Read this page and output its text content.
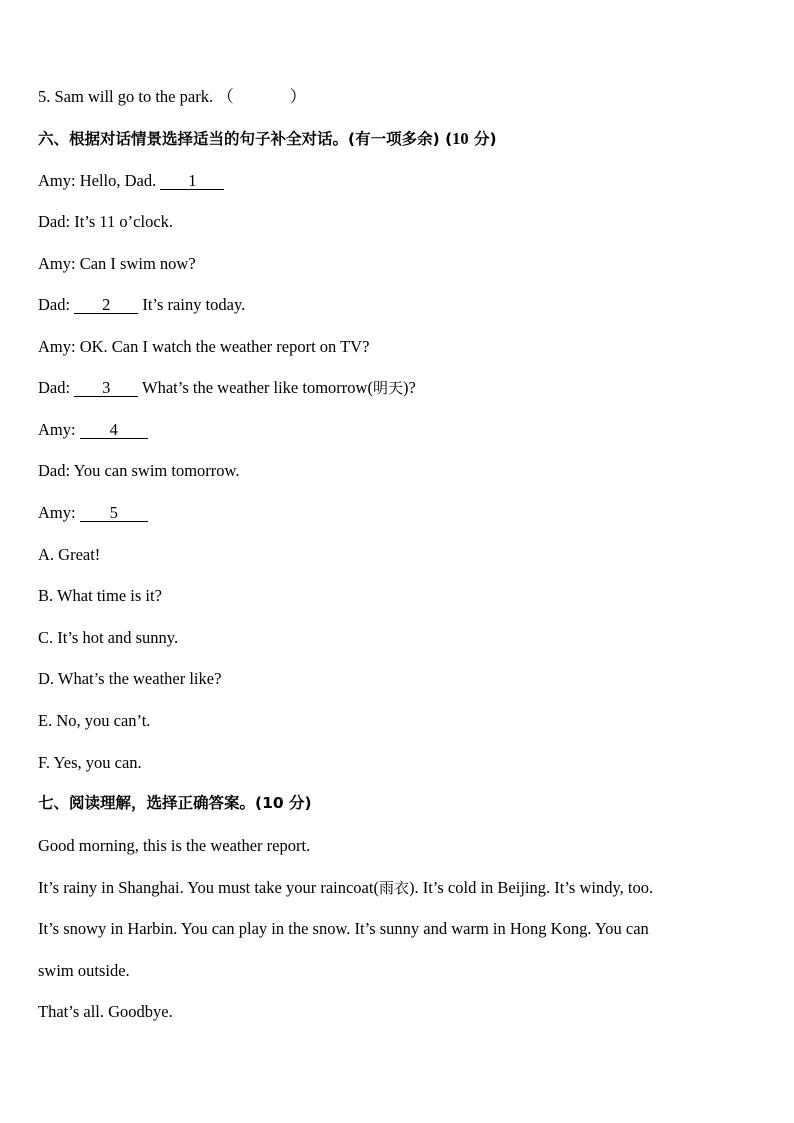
5. Sam will go to the park. （	）
六、根据对话情景选择适当的句子补全对话。(有一项多余) (10 分)
Amy: Hello, Dad. 1
Dad: It’s 11 o’clock.
Amy: Can I swim now?
Dad: 2 It’s rainy today.
Amy: OK. Can I watch the weather report on TV?
Dad: 3 What’s the weather like tomorrow(明天)?
Amy: 4
Dad: You can swim tomorrow.
Amy: 5
A. Great!
B. What time is it?
C. It’s hot and sunny.
D. What’s the weather like?
E. No, you can’t.
F. Yes, you can.
七、阅读理解，选择正确答案。(10 分)
Good morning, this is the weather report.
It’s rainy in Shanghai. You must take your raincoat(雨衣). It’s cold in Beijing. It’s windy, too.
It’s snowy in Harbin. You can play in the snow. It’s sunny and warm in Hong Kong. You can
swim outside.
That’s all. Goodbye.
